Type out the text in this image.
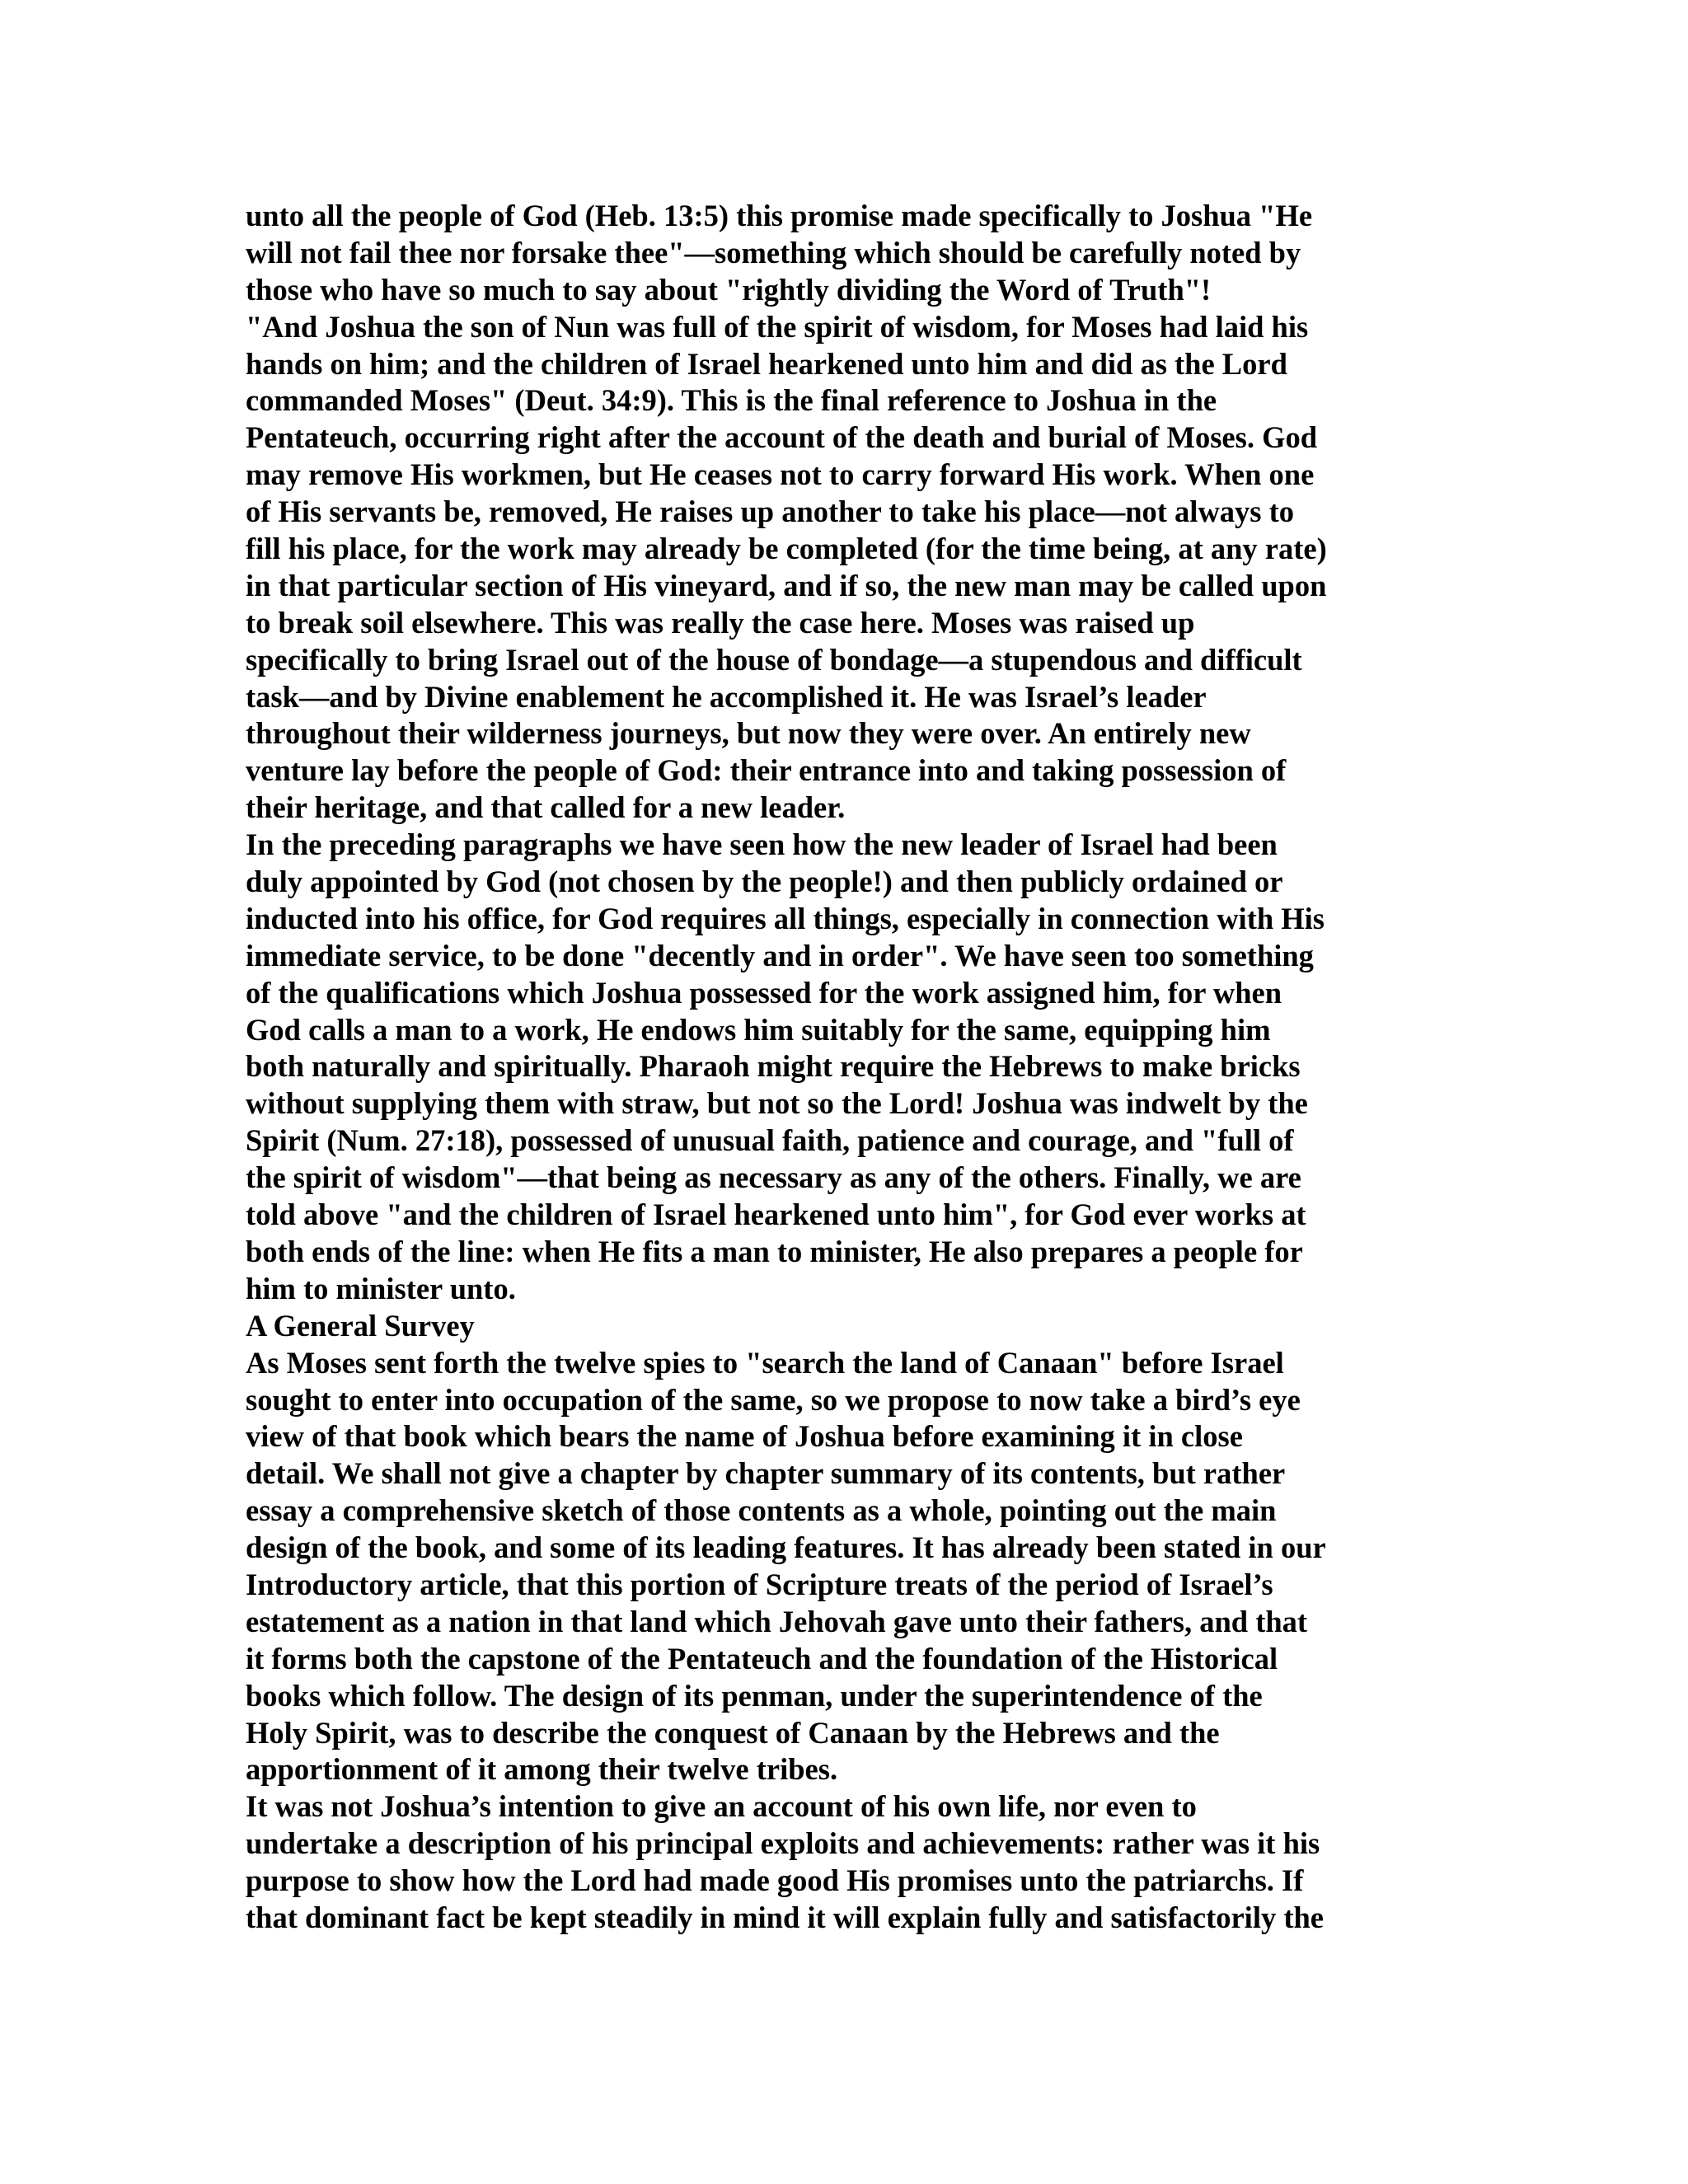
unto all the people of God (Heb. 13:5) this promise made specifically to Joshua "He
will not fail thee nor forsake thee"—something which should be carefully noted by
those who have so much to say about "rightly dividing the Word of Truth"!
"And Joshua the son of Nun was full of the spirit of wisdom, for Moses had laid his
hands on him; and the children of Israel hearkened unto him and did as the Lord
commanded Moses" (Deut. 34:9). This is the final reference to Joshua in the
Pentateuch, occurring right after the account of the death and burial of Moses. God
may remove His workmen, but He ceases not to carry forward His work. When one
of His servants be, removed, He raises up another to take his place—not always to
fill his place, for the work may already be completed (for the time being, at any rate)
in that particular section of His vineyard, and if so, the new man may be called upon
to break soil elsewhere. This was really the case here. Moses was raised up
specifically to bring Israel out of the house of bondage—a stupendous and difficult
task—and by Divine enablement he accomplished it. He was Israel’s leader
throughout their wilderness journeys, but now they were over. An entirely new
venture lay before the people of God: their entrance into and taking possession of
their heritage, and that called for a new leader.
In the preceding paragraphs we have seen how the new leader of Israel had been
duly appointed by God (not chosen by the people!) and then publicly ordained or
inducted into his office, for God requires all things, especially in connection with His
immediate service, to be done "decently and in order". We have seen too something
of the qualifications which Joshua possessed for the work assigned him, for when
God calls a man to a work, He endows him suitably for the same, equipping him
both naturally and spiritually. Pharaoh might require the Hebrews to make bricks
without supplying them with straw, but not so the Lord! Joshua was indwelt by the
Spirit (Num. 27:18), possessed of unusual faith, patience and courage, and "full of
the spirit of wisdom"—that being as necessary as any of the others. Finally, we are
told above "and the children of Israel hearkened unto him", for God ever works at
both ends of the line: when He fits a man to minister, He also prepares a people for
him to minister unto.
A General Survey
As Moses sent forth the twelve spies to "search the land of Canaan" before Israel
sought to enter into occupation of the same, so we propose to now take a bird’s eye
view of that book which bears the name of Joshua before examining it in close
detail. We shall not give a chapter by chapter summary of its contents, but rather
essay a comprehensive sketch of those contents as a whole, pointing out the main
design of the book, and some of its leading features. It has already been stated in our
Introductory article, that this portion of Scripture treats of the period of Israel’s
estatement as a nation in that land which Jehovah gave unto their fathers, and that
it forms both the capstone of the Pentateuch and the foundation of the Historical
books which follow. The design of its penman, under the superintendence of the
Holy Spirit, was to describe the conquest of Canaan by the Hebrews and the
apportionment of it among their twelve tribes.
It was not Joshua’s intention to give an account of his own life, nor even to
undertake a description of his principal exploits and achievements: rather was it his
purpose to show how the Lord had made good His promises unto the patriarchs. If
that dominant fact be kept steadily in mind it will explain fully and satisfactorily the
